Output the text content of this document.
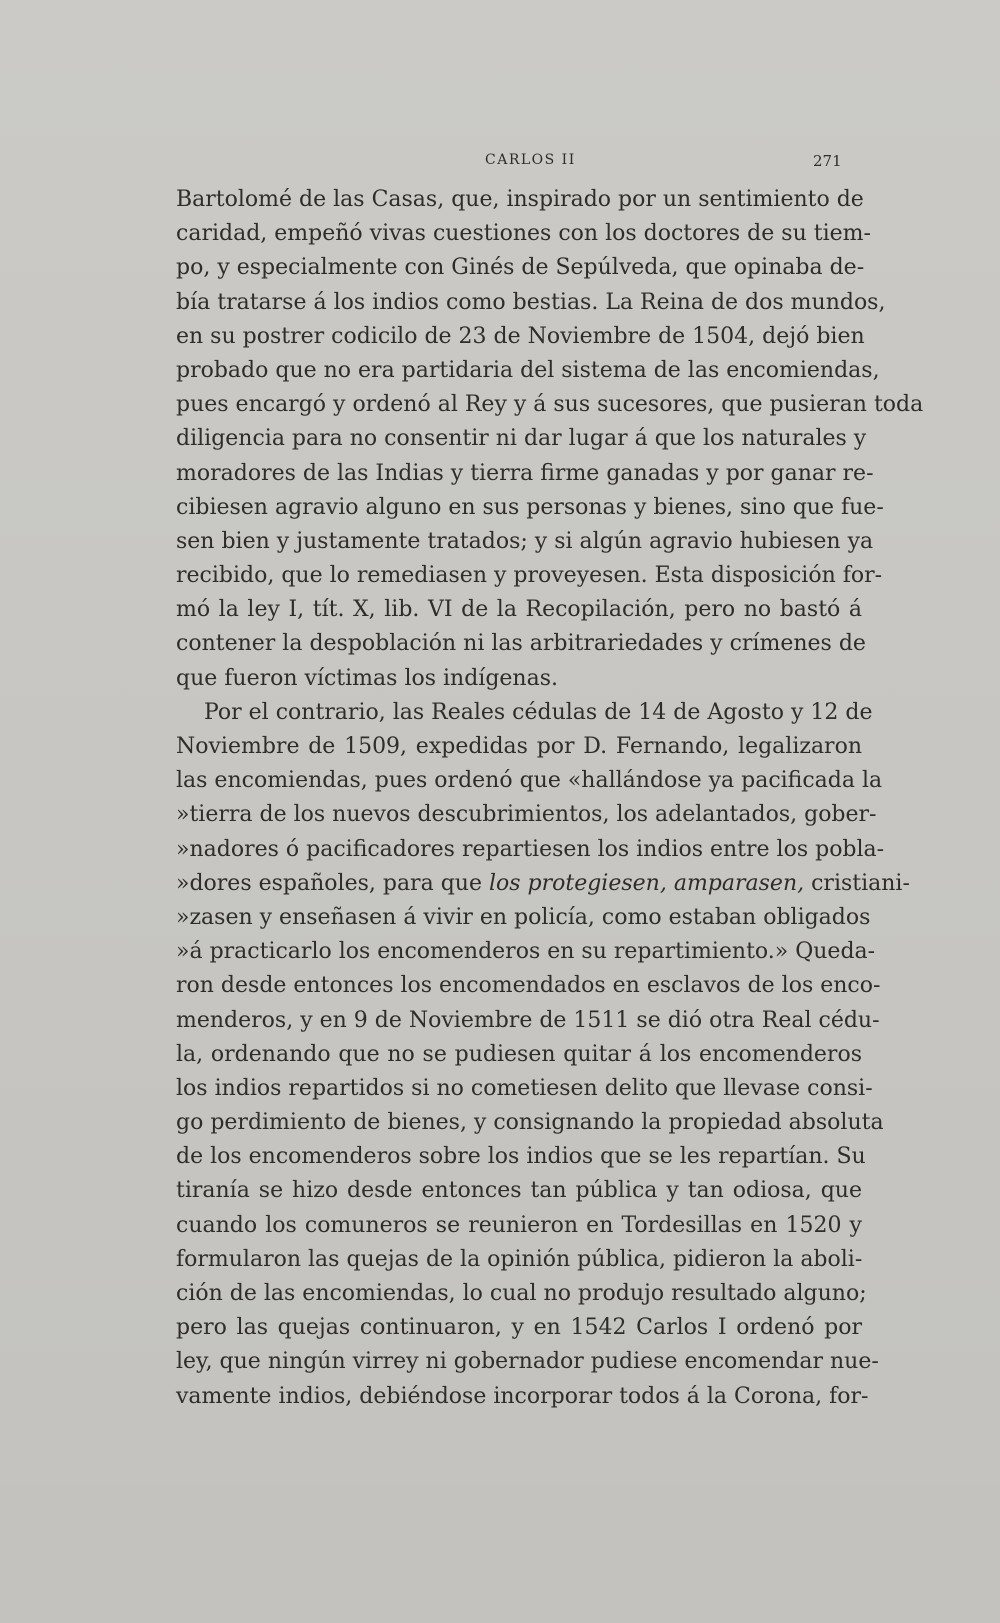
CARLOS II	271
Bartolomé de las Casas, que, inspirado por un sentimiento de
caridad, empeñó vivas cuestiones con los doctores de su tiem-
po, y especialmente con Ginés de Sepúlveda, que opinaba de-
bía tratarse á los indios como bestias. La Reina de dos mundos,
en su postrer codicilo de 23 de Noviembre de 1504, dejó bien
probado que no era partidaria del sistema de las encomiendas,
pues encargó y ordenó al Rey y á sus sucesores, que pusieran toda
diligencia para no consentir ni dar lugar á que los naturales y
moradores de las Indias y tierra firme ganadas y por ganar re-
cibiesen agravio alguno en sus personas y bienes, sino que fue-
sen bien y justamente tratados; y si algún agravio hubiesen ya
recibido, que lo remediasen y proveyesen. Esta disposición for-
mó la ley I, tít. X, lib. VI de la Recopilación, pero no bastó á
contener la despoblación ni las arbitrariedades y crímenes de
que fueron víctimas los indígenas.
Por el contrario, las Reales cédulas de 14 de Agosto y 12 de
Noviembre de 1509, expedidas por D. Fernando, legalizaron
las encomiendas, pues ordenó que «hallándose ya pacificada la
»tierra de los nuevos descubrimientos, los adelantados, gober-
»nadores ó pacificadores repartiesen los indios entre los pobla-
»dores españoles, para que los protegiesen, amparasen, cristiani-
»zasen y enseñasen á vivir en policía, como estaban obligados
»á practicarlo los encomenderos en su repartimiento.» Queda-
ron desde entonces los encomendados en esclavos de los enco-
menderos, y en 9 de Noviembre de 1511 se dió otra Real cédu-
la, ordenando que no se pudiesen quitar á los encomenderos
los indios repartidos si no cometiesen delito que llevase consi-
go perdimiento de bienes, y consignando la propiedad absoluta
de los encomenderos sobre los indios que se les repartían. Su
tiranía se hizo desde entonces tan pública y tan odiosa, que
cuando los comuneros se reunieron en Tordesillas en 1520 y
formularon las quejas de la opinión pública, pidieron la aboli-
ción de las encomiendas, lo cual no produjo resultado alguno;
pero las quejas continuaron, y en 1542 Carlos I ordenó por
ley, que ningún virrey ni gobernador pudiese encomendar nue-
vamente indios, debiéndose incorporar todos á la Corona, for-
